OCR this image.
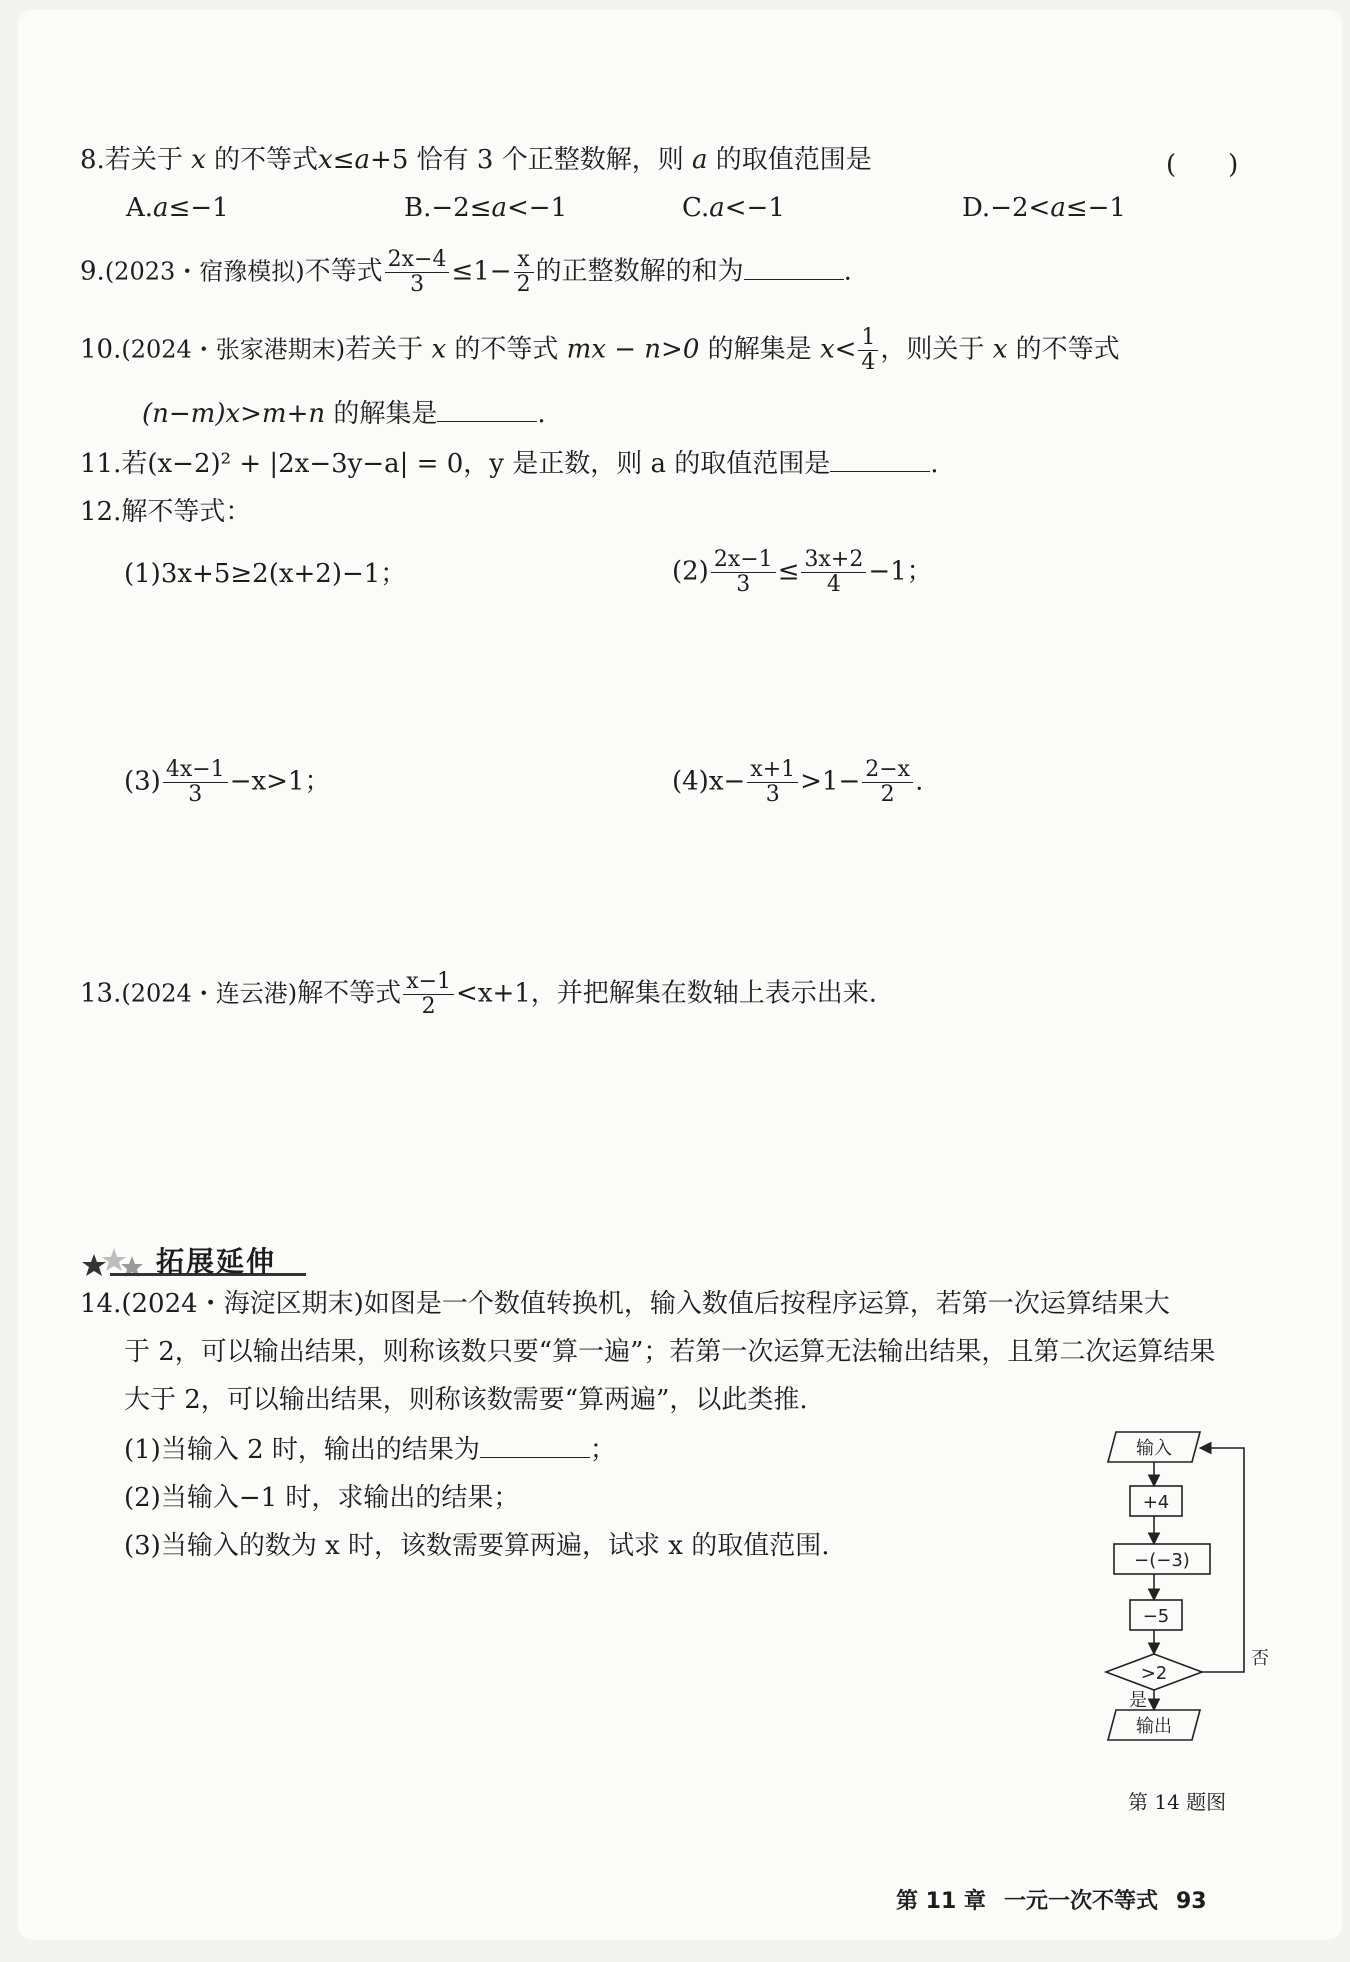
8.若关于 x 的不等式x≤a+5 恰有 3 个正整数解，则 a 的取值范围是	(　　)
A.a≤−1	B.−2≤a<−1	C.a<−1	D.−2<a≤−1
9.(2023・宿豫模拟)不等式 $\frac{2x-4}{3} \le 1- \frac{x}{2}$ 的正整数解的和为	.
10.(2024・张家港期末)若关于 x 的不等式 mx − n>0 的解集是 $x< \frac{1}{4}$ ，则关于 x 的不等式
(n−m)x>m+n 的解集是	.
11.若(x−2)² + |2x−3y−a| = 0，y 是正数，则 a 的取值范围是	.
12.解不等式：
(1)3x+5≥2(x+2)−1；	$(2) \frac{2x-1}{3} \le \frac{3x+2}{4} -1$；
$(3) \frac{4x-1}{3} -x>1$；	$(4)x- \frac{x+1}{3} >1- \frac{2-x}{2}$ .
13.(2024・连云港)解不等式 $\frac{x-1}{2} <x+1$，并把解集在数轴上表示出来.
拓展延伸
14.(2024・海淀区期末)如图是一个数值转换机，输入数值后按程序运算，若第一次运算结果大
于 2，可以输出结果，则称该数只要“算一遍”；若第一次运算无法输出结果，且第二次运算结果
大于 2，可以输出结果，则称该数需要“算两遍”，以此类推.
(1)当输入 2 时，输出的结果为	；
(2)当输入−1 时，求输出的结果；
(3)当输入的数为 x 时，该数需要算两遍，试求 x 的取值范围.
输入
+4
−(−3)
−5
>2
否
是
输出
第 14 题图
第 11 章 一元一次不等式 93
